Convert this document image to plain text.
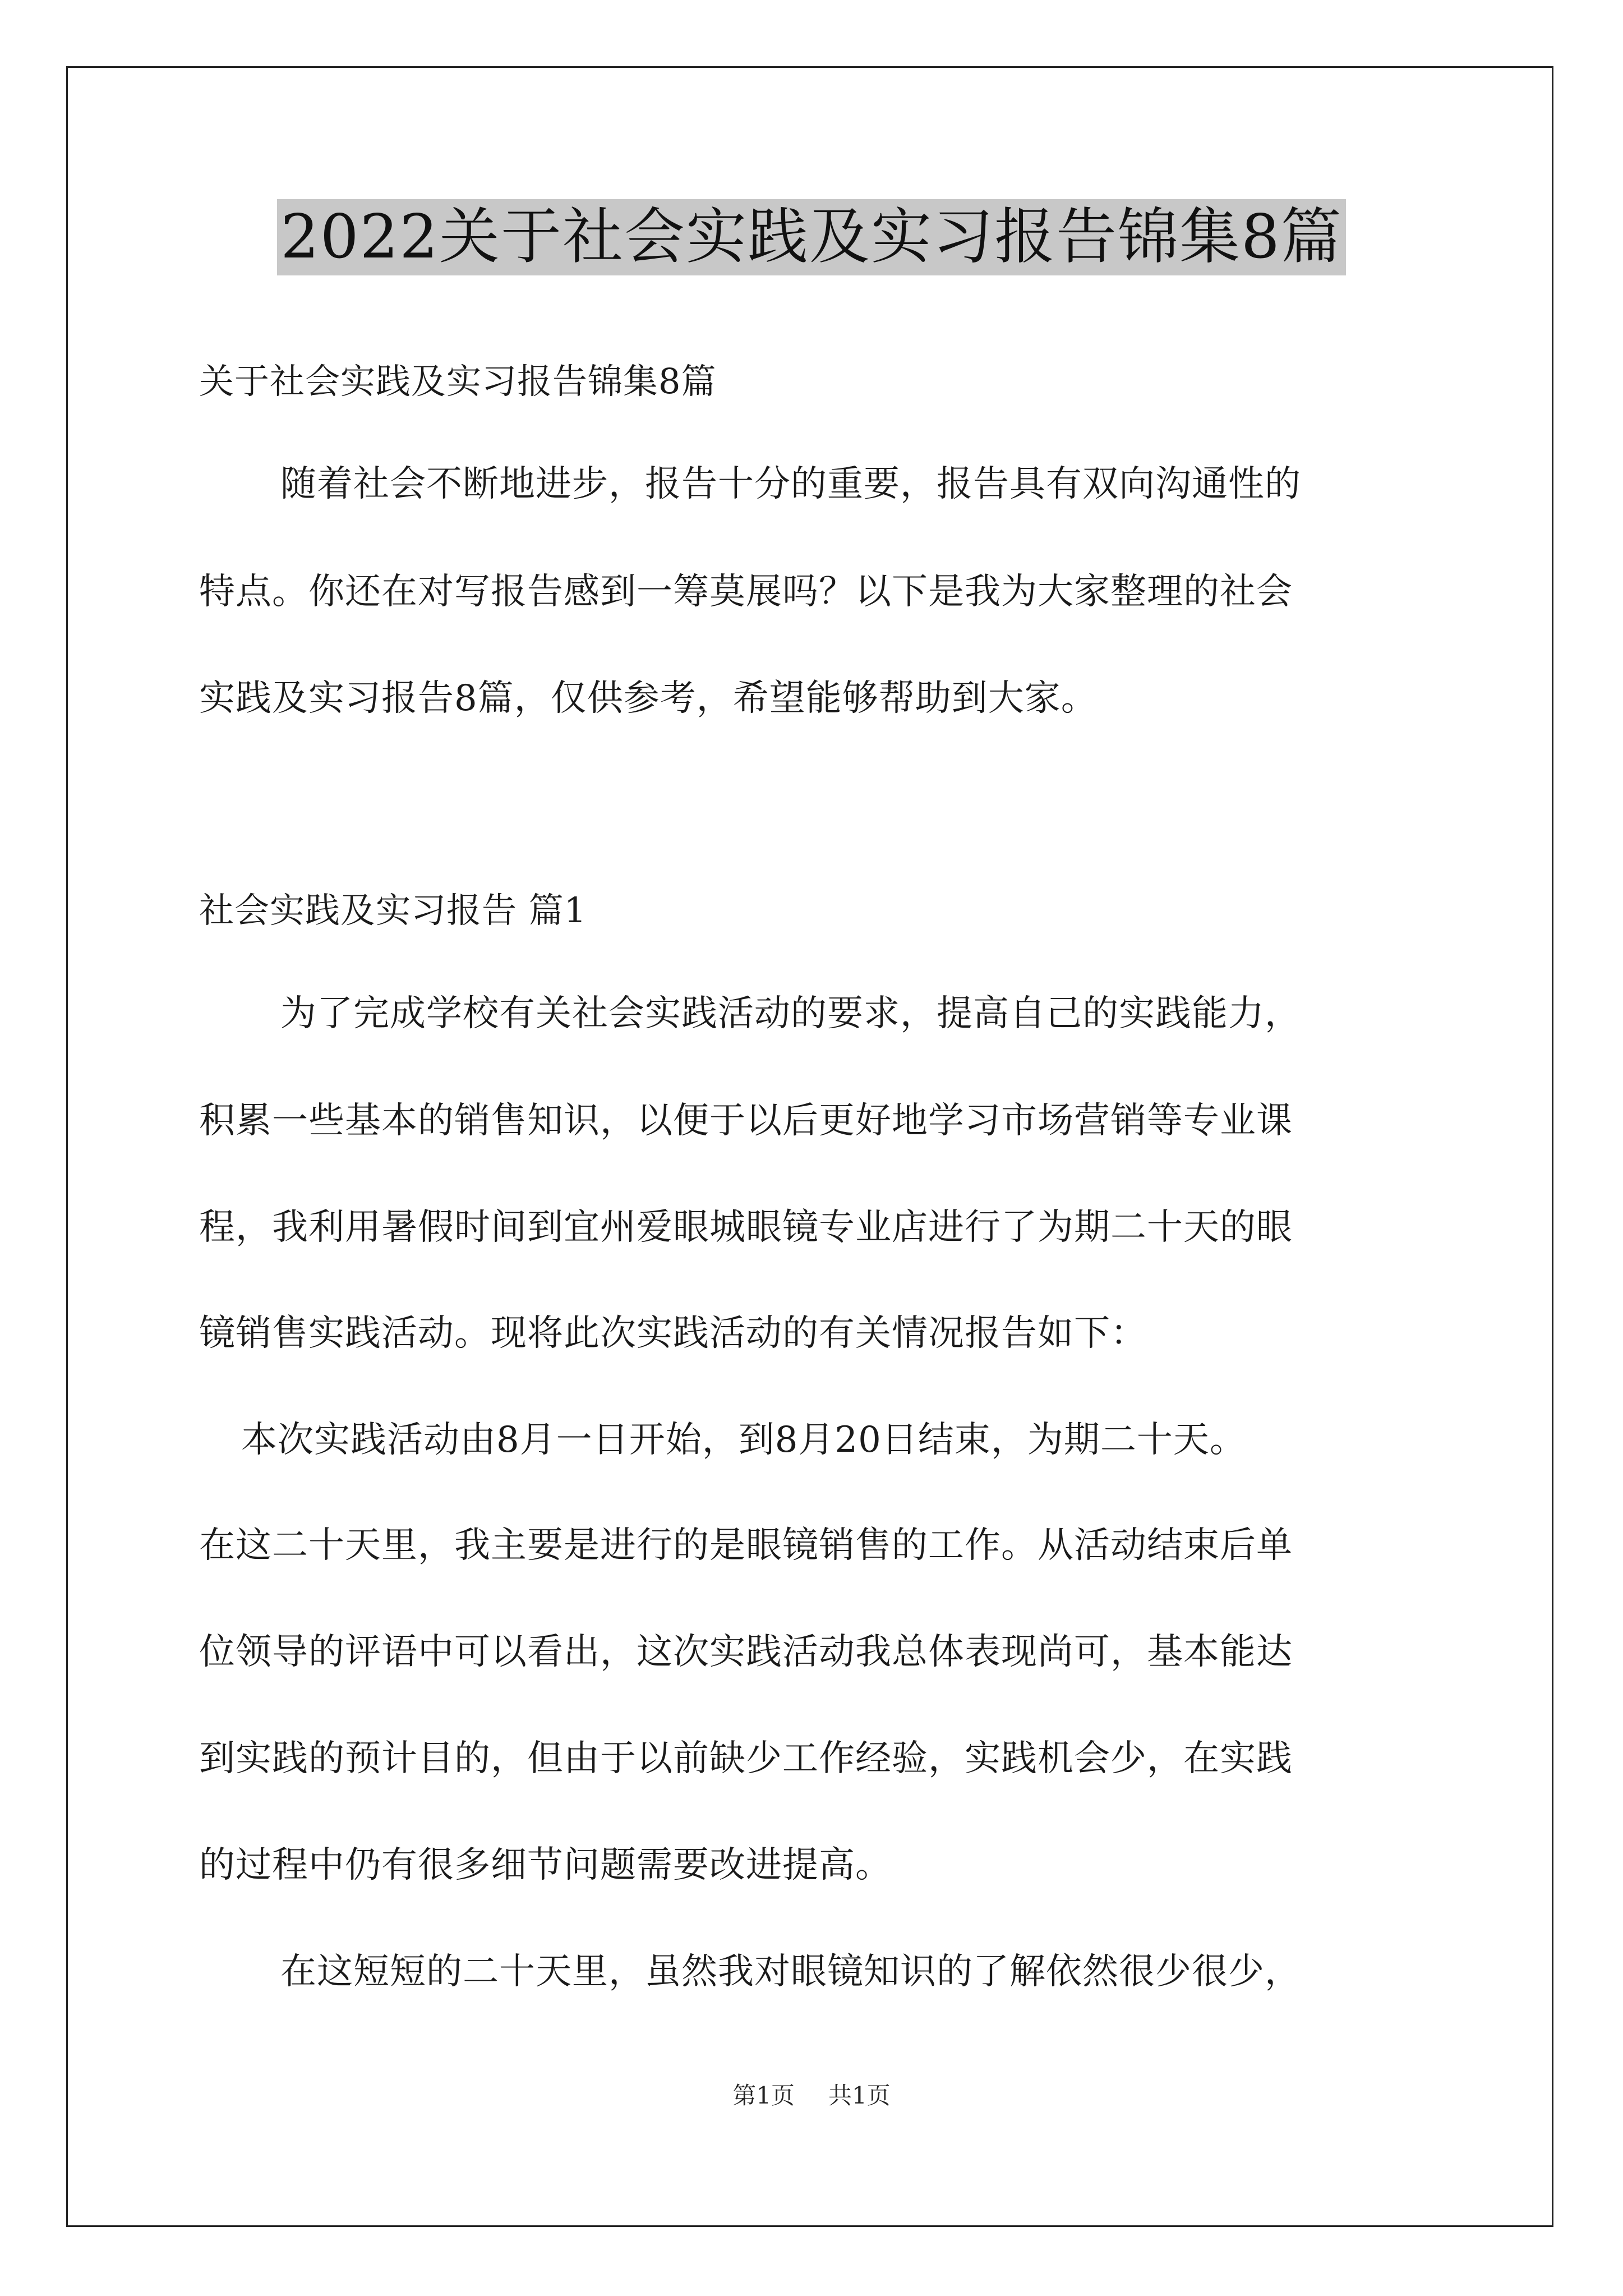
2022关于社会实践及实习报告锦集8篇
关于社会实践及实习报告锦集8篇
随着社会不断地进步，报告十分的重要，报告具有双向沟通性的
特点。你还在对写报告感到一筹莫展吗？以下是我为大家整理的社会
实践及实习报告8篇，仅供参考，希望能够帮助到大家。
社会实践及实习报告 篇1
为了完成学校有关社会实践活动的要求，提高自己的实践能力，
积累一些基本的销售知识，以便于以后更好地学习市场营销等专业课
程，我利用暑假时间到宜州爱眼城眼镜专业店进行了为期二十天的眼
镜销售实践活动。现将此次实践活动的有关情况报告如下：
本次实践活动由8月一日开始，到8月20日结束，为期二十天。
在这二十天里，我主要是进行的是眼镜销售的工作。从活动结束后单
位领导的评语中可以看出，这次实践活动我总体表现尚可，基本能达
到实践的预计目的，但由于以前缺少工作经验，实践机会少，在实践
的过程中仍有很多细节问题需要改进提高。
在这短短的二十天里，虽然我对眼镜知识的了解依然很少很少，
第1页 共1页
